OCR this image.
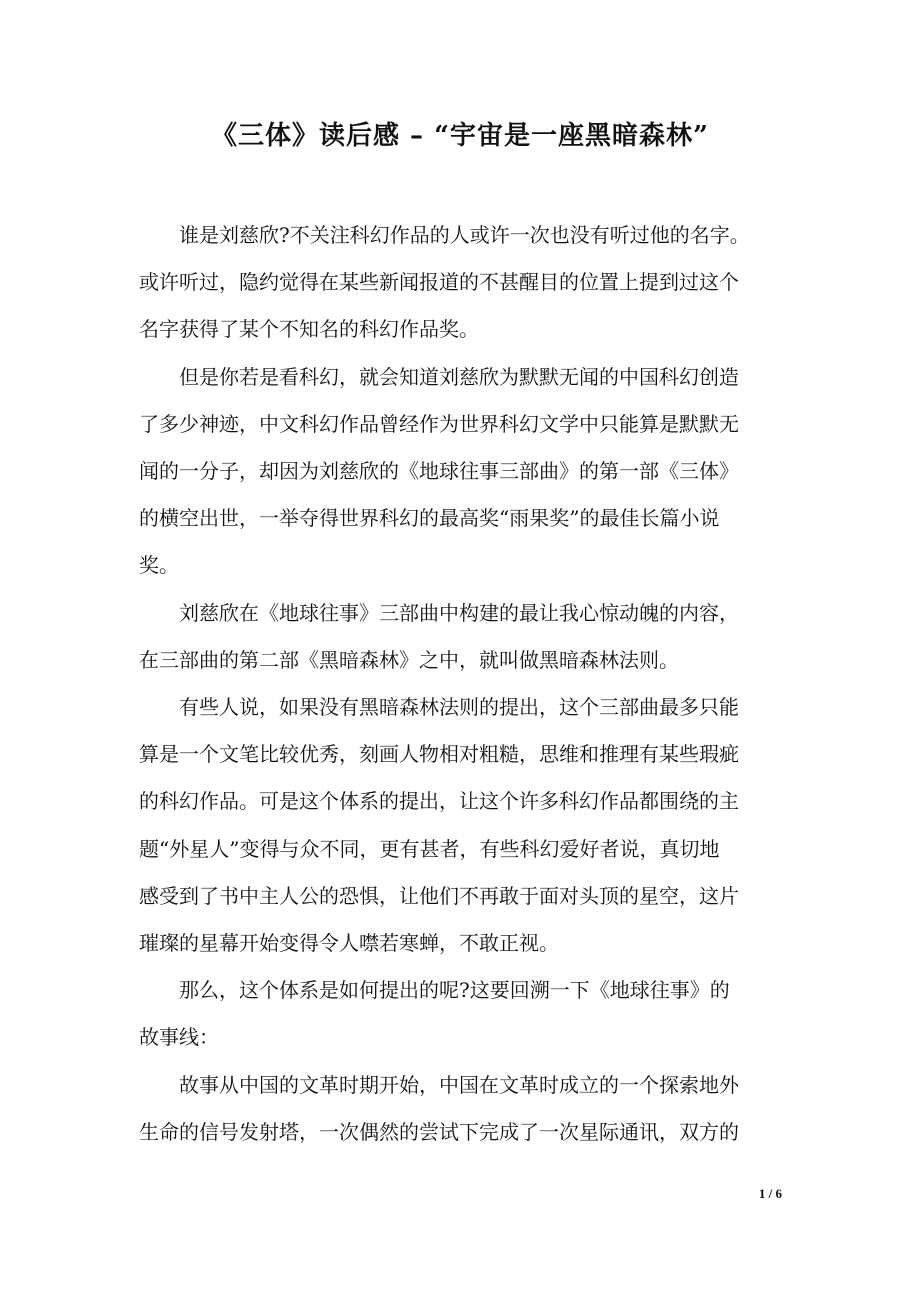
《三体》读后感 – “宇宙是一座黑暗森林”

谁是刘慈欣?不关注科幻作品的人或许一次也没有听过他的名字。
或许听过，隐约觉得在某些新闻报道的不甚醒目的位置上提到过这个
名字获得了某个不知名的科幻作品奖。

但是你若是看科幻，就会知道刘慈欣为默默无闻的中国科幻创造
了多少神迹，中文科幻作品曾经作为世界科幻文学中只能算是默默无
闻的一分子，却因为刘慈欣的《地球往事三部曲》的第一部《三体》
的横空出世，一举夺得世界科幻的最高奖“雨果奖”的最佳长篇小说
奖。

刘慈欣在《地球往事》三部曲中构建的最让我心惊动魄的内容，
在三部曲的第二部《黑暗森林》之中，就叫做黑暗森林法则。

有些人说，如果没有黑暗森林法则的提出，这个三部曲最多只能
算是一个文笔比较优秀，刻画人物相对粗糙，思维和推理有某些瑕疵
的科幻作品。可是这个体系的提出，让这个许多科幻作品都围绕的主
题“外星人”变得与众不同，更有甚者，有些科幻爱好者说，真切地
感受到了书中主人公的恐惧，让他们不再敢于面对头顶的星空，这片
璀璨的星幕开始变得令人噤若寒蝉，不敢正视。

那么，这个体系是如何提出的呢?这要回溯一下《地球往事》的
故事线：

故事从中国的文革时期开始，中国在文革时成立的一个探索地外
生命的信号发射塔，一次偶然的尝试下完成了一次星际通讯，双方的

1 / 6
